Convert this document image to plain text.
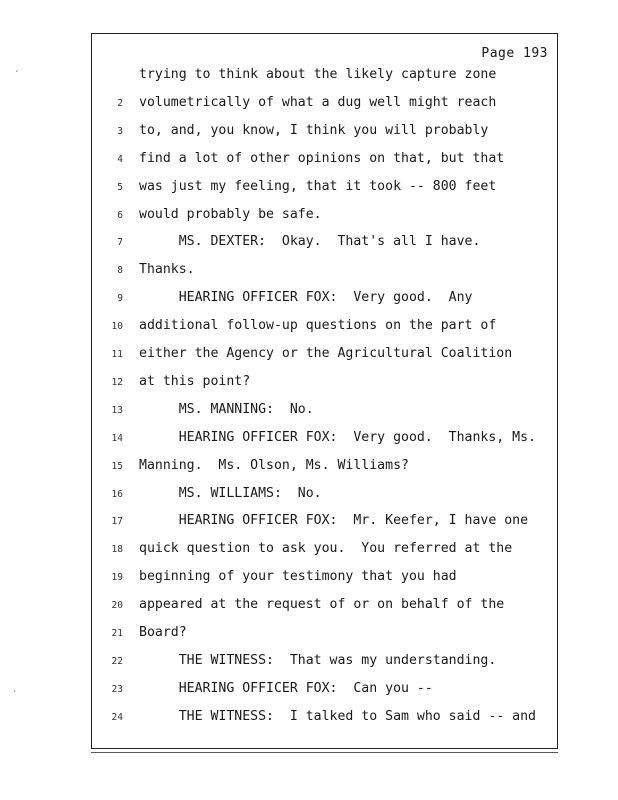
Page 193
trying to think about the likely capture zone
2 volumetrically of what a dug well might reach
3 to, and, you know, I think you will probably
4 find a lot of other opinions on that, but that
5 was just my feeling, that it took -- 800 feet
6 would probably be safe.
7 MS. DEXTER:  Okay.  That's all I have.
8 Thanks.
9 HEARING OFFICER FOX:  Very good.  Any
10 additional follow-up questions on the part of
11 either the Agency or the Agricultural Coalition
12 at this point?
13 MS. MANNING:  No.
14 HEARING OFFICER FOX:  Very good.  Thanks, Ms.
15 Manning.  Ms. Olson, Ms. Williams?
16 MS. WILLIAMS:  No.
17 HEARING OFFICER FOX:  Mr. Keefer, I have one
18 quick question to ask you.  You referred at the
19 beginning of your testimony that you had
20 appeared at the request of or on behalf of the
21 Board?
22 THE WITNESS:  That was my understanding.
23 HEARING OFFICER FOX:  Can you --
24 THE WITNESS:  I talked to Sam who said -- and
ˊ
ˋ
